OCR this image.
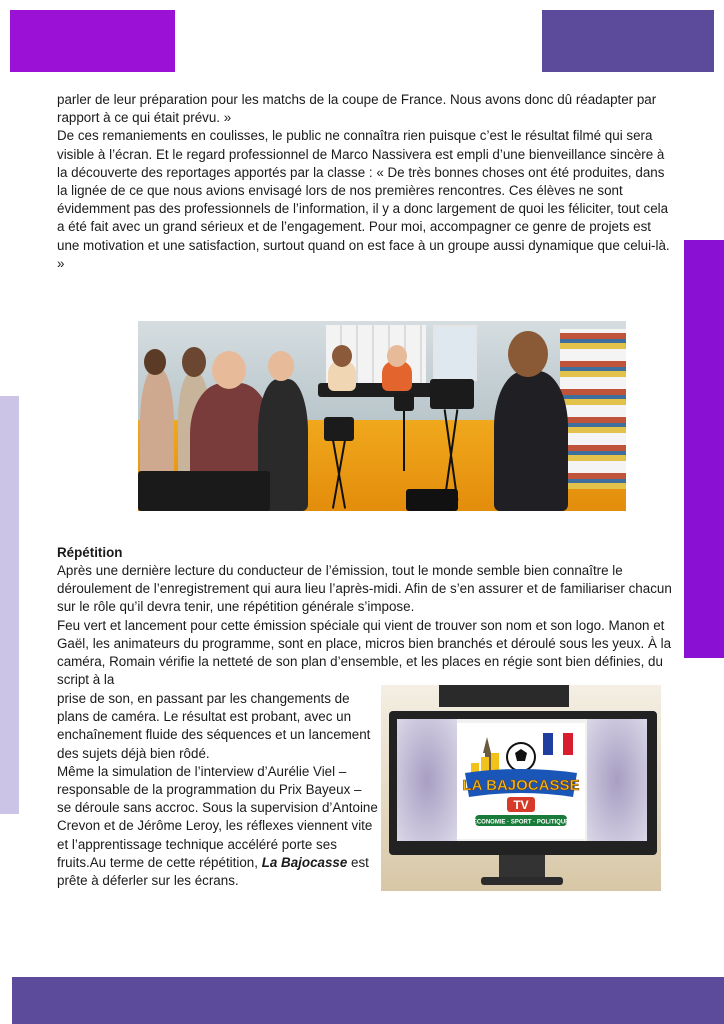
parler de leur préparation pour les matchs de la coupe de France. Nous avons donc dû réadapter par rapport à ce qui était prévu. »

De ces remaniements en coulisses, le public ne connaîtra rien puisque c’est le résultat filmé qui sera visible à l’écran. Et le regard professionnel de Marco Nassivera est empli d’une bienveillance sincère à la découverte des reportages apportés par la classe : « De très bonnes choses ont été produites, dans la lignée de ce que nous avions envisagé lors de nos premières rencontres. Ces élèves ne sont évidemment pas des professionnels de l’information, il y a donc largement de quoi les féliciter, tout cela a été fait avec un grand sérieux et de l’engagement. Pour moi, accompagner ce genre de projets est une motivation et une satisfaction, surtout quand on est face à un groupe aussi dynamique que celui-là. »

Répétition

Après une dernière lecture du conducteur de l’émission, tout le monde semble bien connaître le déroulement de l’enregistrement qui aura lieu l’après-midi. Afin de s’en assurer et de familiariser chacun sur le rôle qu’il devra tenir, une répétition générale s’impose.

Feu vert et lancement pour cette émission spéciale qui vient de trouver son nom et son logo. Manon et Gaël, les animateurs du programme, sont en place, micros bien branchés et déroulé sous les yeux. À la caméra, Romain vérifie la netteté de son plan d’ensemble, et les places en régie sont bien définies, du script à la

prise de son, en passant par les changements de plans de caméra. Le résultat est probant, avec un enchaînement fluide des séquences et un lancement des sujets déjà bien rôdé.

Même la simulation de l’interview d’Aurélie Viel – responsable de la programmation du Prix Bayeux – se déroule sans accroc. Sous la supervision d’Antoine Crevon et de Jérôme Leroy, les réflexes viennent vite et l’apprentissage technique accéléré porte ses fruits.Au terme de cette répétition, La Bajocasse est prête à déferler sur les écrans.

LA BAJOCASSE
TV
ÉCONOMIE · SPORT · POLITIQUE
